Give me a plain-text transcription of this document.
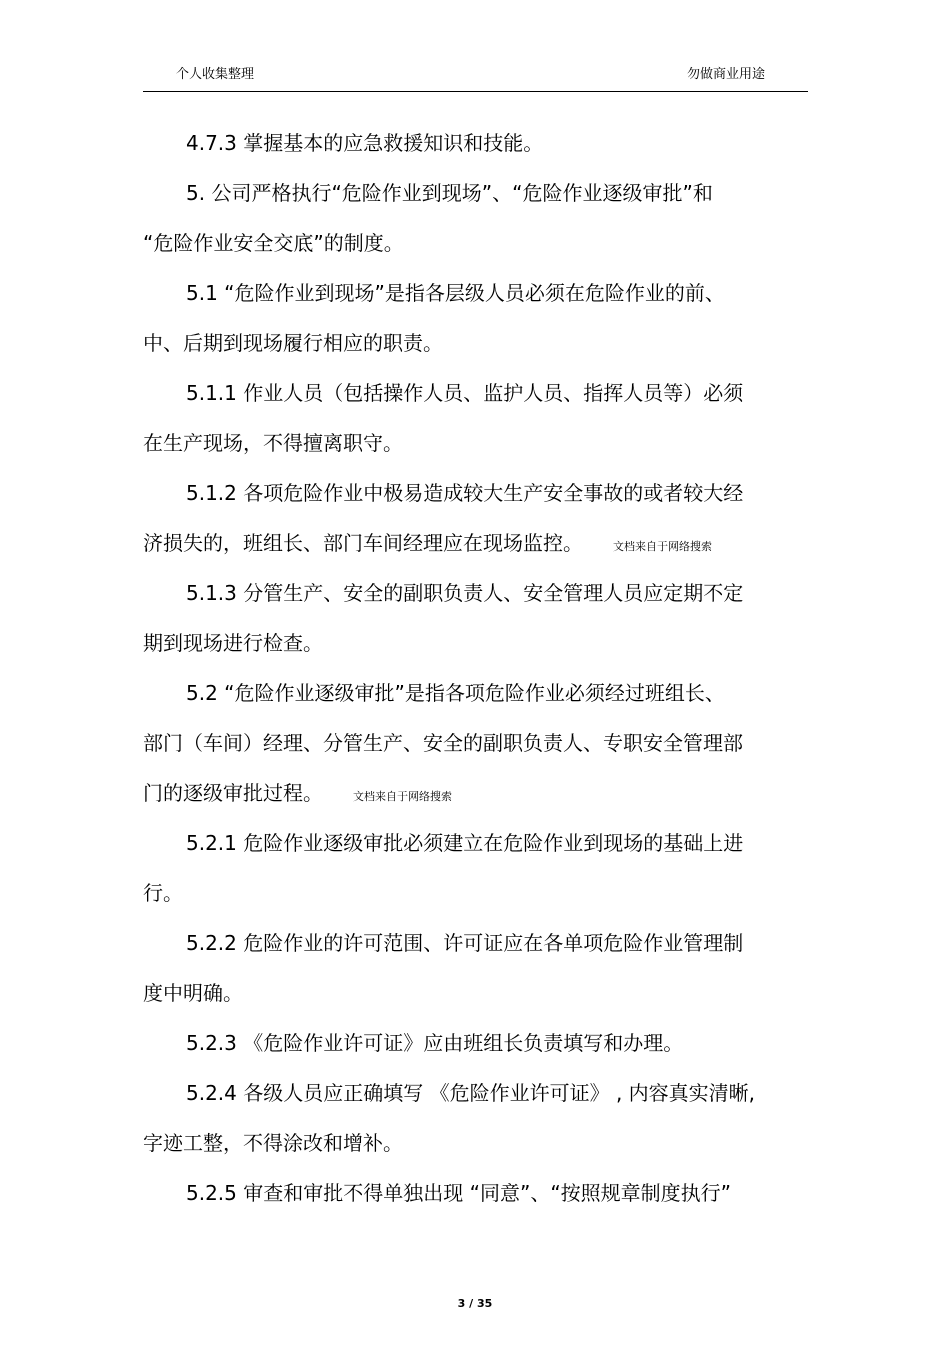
个人收集整理	勿做商业用途
4.7.3 掌握基本的应急救援知识和技能。
5. 公司严格执行“危险作业到现场”、“危险作业逐级审批”和
“危险作业安全交底”的制度。
5.1 “危险作业到现场”是指各层级人员必须在危险作业的前、
中、后期到现场履行相应的职责。
5.1.1 作业人员（包括操作人员、监护人员、指挥人员等）必须
在生产现场，不得擅离职守。
5.1.2 各项危险作业中极易造成较大生产安全事故的或者较大经
济损失的，班组长、部门车间经理应在现场监控。	文档来自于网络搜索
5.1.3 分管生产、安全的副职负责人、安全管理人员应定期不定
期到现场进行检查。
5.2 “危险作业逐级审批”是指各项危险作业必须经过班组长、
部门（车间）经理、分管生产、安全的副职负责人、专职安全管理部
门的逐级审批过程。	文档来自于网络搜索
5.2.1 危险作业逐级审批必须建立在危险作业到现场的基础上进
行。
5.2.2 危险作业的许可范围、许可证应在各单项危险作业管理制
度中明确。
5.2.3 《危险作业许可证》应由班组长负责填写和办理。
5.2.4 各级人员应正确填写 《危险作业许可证》 , 内容真实清晰,
字迹工整，不得涂改和增补。
5.2.5 审查和审批不得单独出现 “同意”、“按照规章制度执行”
3 / 35
